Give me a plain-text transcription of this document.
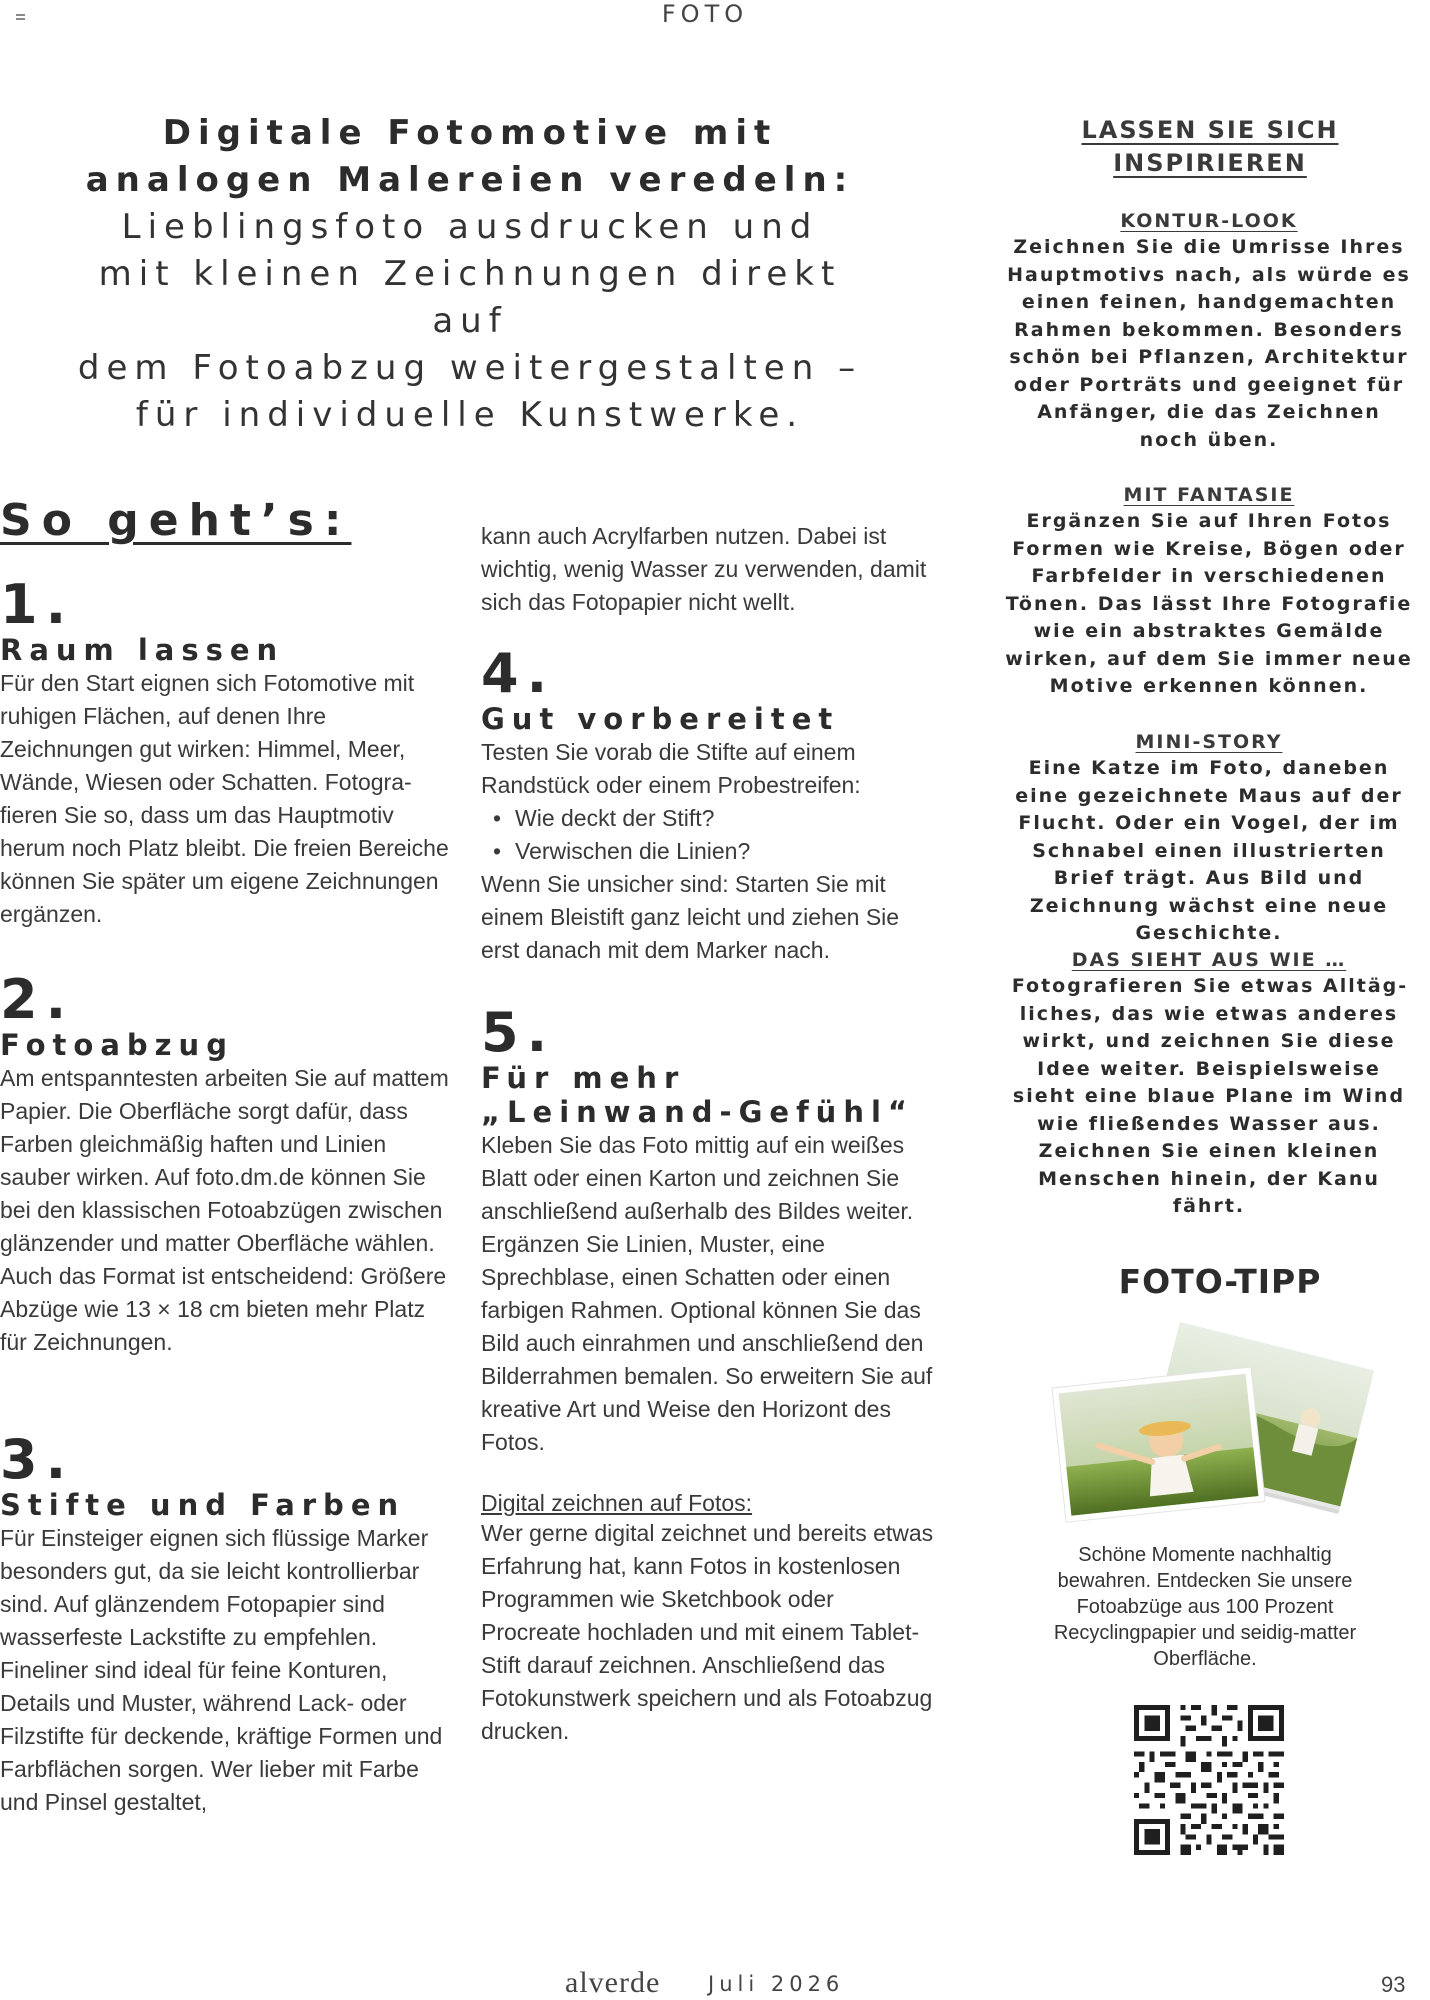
FOTO
Digitale Fotomotive mit
analogen Malereien veredeln:
Lieblingsfoto ausdrucken und
mit kleinen Zeichnungen direkt auf
dem Fotoabzug weitergestalten –
für individuelle Kunstwerke.
So geht’s:
1.
Raum lassen
Für den Start eignen sich Fotomotive mit ruhigen Flächen, auf denen Ihre Zeichnungen gut wirken: Himmel, Meer, Wände, Wiesen oder Schatten. Fotografieren Sie so, dass um das Hauptmotiv herum noch Platz bleibt. Die freien Bereiche können Sie später um eigene Zeichnungen ergänzen.
2.
Fotoabzug
Am entspanntesten arbeiten Sie auf mattem Papier. Die Oberfläche sorgt dafür, dass Farben gleichmäßig haften und Linien sauber wirken. Auf foto.dm.de können Sie bei den klassischen Fotoabzügen zwischen glänzender und matter Oberfläche wählen. Auch das Format ist entscheidend: Größere Abzüge wie 13 × 18 cm bieten mehr Platz für Zeichnungen.
3.
Stifte und Farben
Für Einsteiger eignen sich flüssige Marker besonders gut, da sie leicht kontrollierbar sind. Auf glänzendem Fotopapier sind wasserfeste Lackstifte zu empfehlen. Fineliner sind ideal für feine Konturen, Details und Muster, während Lack- oder Filzstifte für deckende, kräftige Formen und Farbflächen sorgen. Wer lieber mit Farbe und Pinsel gestaltet,
kann auch Acrylfarben nutzen. Dabei ist wichtig, wenig Wasser zu verwenden, damit sich das Fotopapier nicht wellt.
4.
Gut vorbereitet
Testen Sie vorab die Stifte auf einem Randstück oder einem Probestreifen:
• Wie deckt der Stift?
• Verwischen die Linien?
Wenn Sie unsicher sind: Starten Sie mit einem Bleistift ganz leicht und ziehen Sie erst danach mit dem Marker nach.
5.
Für mehr
„Leinwand-Gefühl“
Kleben Sie das Foto mittig auf ein weißes Blatt oder einen Karton und zeichnen Sie anschließend außerhalb des Bildes weiter. Ergänzen Sie Linien, Muster, eine Sprechblase, einen Schatten oder einen farbigen Rahmen. Optional können Sie das Bild auch einrahmen und anschließend den Bilderrahmen bemalen. So erweitern Sie auf kreative Art und Weise den Horizont des Fotos.
Digital zeichnen auf Fotos:
Wer gerne digital zeichnet und bereits etwas Erfahrung hat, kann Fotos in kostenlosen Programmen wie Sketchbook oder Procreate hochladen und mit einem Tablet-Stift darauf zeichnen. Anschließend das Fotokunstwerk speichern und als Fotoabzug drucken.
LASSEN SIE SICH
INSPIRIEREN
KONTUR-LOOK
Zeichnen Sie die Umrisse Ihres Hauptmotivs nach, als würde es einen feinen, handgemachten Rahmen bekommen. Besonders schön bei Pflanzen, Architektur oder Porträts und geeignet für Anfänger, die das Zeichnen noch üben.
MIT FANTASIE
Ergänzen Sie auf Ihren Fotos Formen wie Kreise, Bögen oder Farbfelder in verschiedenen Tönen. Das lässt Ihre Fotografie wie ein abstraktes Gemälde wirken, auf dem Sie immer neue Motive erkennen können.
MINI-STORY
Eine Katze im Foto, daneben eine gezeichnete Maus auf der Flucht. Oder ein Vogel, der im Schnabel einen illustrierten Brief trägt. Aus Bild und Zeichnung wächst eine neue Geschichte.
DAS SIEHT AUS WIE …
Fotografieren Sie etwas Alltägliches, das wie etwas anderes wirkt, und zeichnen Sie diese Idee weiter. Beispielsweise sieht eine blaue Plane im Wind wie fließendes Wasser aus. Zeichnen Sie einen kleinen Menschen hinein, der Kanu fährt.
FOTO-TIPP
Schöne Momente nachhaltig bewahren. Entdecken Sie unsere Fotoabzüge aus 100 Prozent Recyclingpapier und seidig-matter Oberfläche.
alverde Juli 2026	93
